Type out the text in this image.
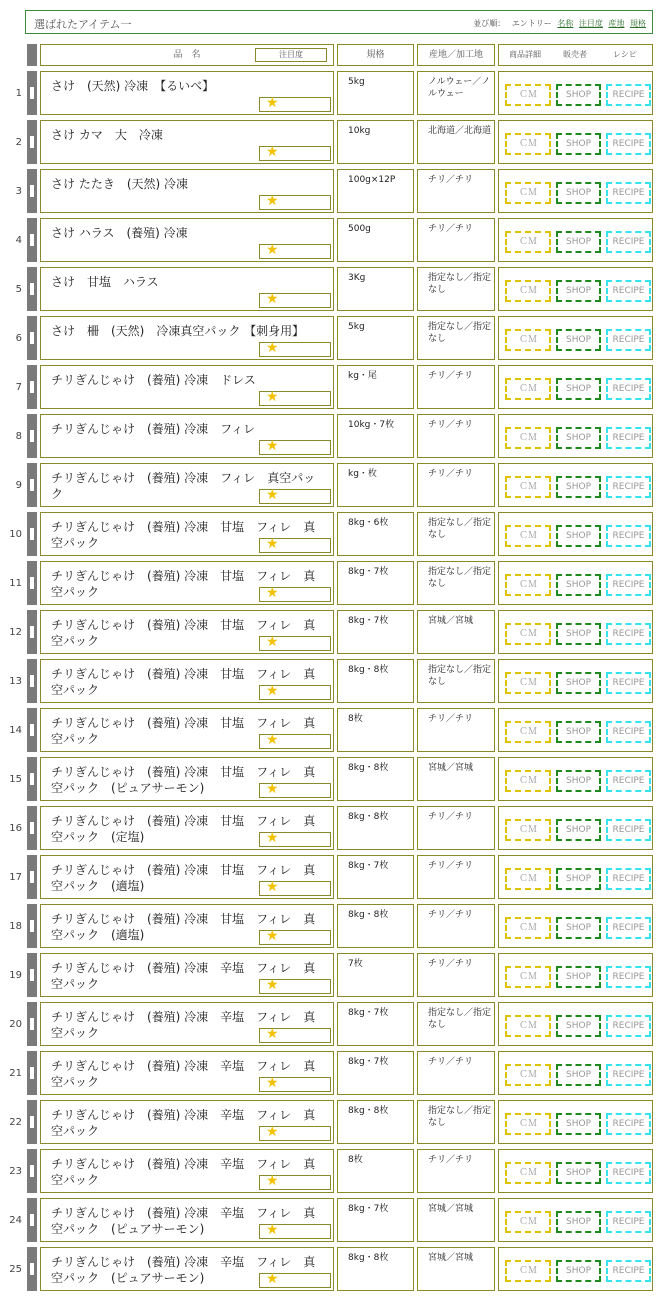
選ばれたアイテム一	並び順： エントリー 名称 注目度 産地 規格
品　名	注目度	規格	産地／加工地	商品詳細	販売者	レシピ
1
さけ　(天然) 冷凍　【るいべ】
★
5kg	ノルウェー／ノルウェー	ＣＭ	SHOP	RECIPE
2
さけ カマ　大　冷凍
★
10kg	北海道／北海道
ＣＭ	SHOP	RECIPE
3
さけ たたき　(天然) 冷凍
★
100g×12P	チリ／チリ
ＣＭ	SHOP	RECIPE
4
さけ ハラス　(養殖) 冷凍
★
500g	チリ／チリ
ＣＭ	SHOP	RECIPE
5
さけ　甘塩　ハラス
★
3Kg	指定なし／指定なし	ＣＭ	SHOP	RECIPE
6
さけ　柵　(天然)　冷凍真空パック 【刺身用】
★
5kg	指定なし／指定なし	ＣＭ	SHOP	RECIPE
7
チリぎんじゃけ　(養殖) 冷凍　ドレス
★
kg・尾	チリ／チリ
ＣＭ	SHOP	RECIPE
8
チリぎんじゃけ　(養殖) 冷凍　フィレ
★
10kg・7枚	チリ／チリ
ＣＭ	SHOP	RECIPE
9
チリぎんじゃけ　(養殖) 冷凍　フィレ　真空パック	★
kg・枚	チリ／チリ
ＣＭ	SHOP	RECIPE
10
チリぎんじゃけ　(養殖) 冷凍　甘塩　フィレ　真空パック	★
8kg・6枚	指定なし／指定なし	ＣＭ	SHOP	RECIPE
11
チリぎんじゃけ　(養殖) 冷凍　甘塩　フィレ　真空パック	★
8kg・7枚	指定なし／指定なし	ＣＭ	SHOP	RECIPE
12
チリぎんじゃけ　(養殖) 冷凍　甘塩　フィレ　真空パック	★
8kg・7枚	宮城／宮城
ＣＭ	SHOP	RECIPE
13
チリぎんじゃけ　(養殖) 冷凍　甘塩　フィレ　真空パック	★
8kg・8枚	指定なし／指定なし	ＣＭ	SHOP	RECIPE
14
チリぎんじゃけ　(養殖) 冷凍　甘塩　フィレ　真空パック	★
8枚	チリ／チリ
ＣＭ	SHOP	RECIPE
15
チリぎんじゃけ　(養殖) 冷凍　甘塩　フィレ　真空パック　(ピュアサーモン)	★
8kg・8枚	宮城／宮城
ＣＭ	SHOP	RECIPE
16
チリぎんじゃけ　(養殖) 冷凍　甘塩　フィレ　真空パック　(定塩)	★
8kg・8枚	チリ／チリ
ＣＭ	SHOP	RECIPE
17
チリぎんじゃけ　(養殖) 冷凍　甘塩　フィレ　真空パック　(適塩)	★
8kg・7枚	チリ／チリ
ＣＭ	SHOP	RECIPE
18
チリぎんじゃけ　(養殖) 冷凍　甘塩　フィレ　真空パック　(適塩)	★
8kg・8枚	チリ／チリ
ＣＭ	SHOP	RECIPE
19
チリぎんじゃけ　(養殖) 冷凍　辛塩　フィレ　真空パック	★
7枚	チリ／チリ
ＣＭ	SHOP	RECIPE
20
チリぎんじゃけ　(養殖) 冷凍　辛塩　フィレ　真空パック	★
8kg・7枚	指定なし／指定なし	ＣＭ	SHOP	RECIPE
21
チリぎんじゃけ　(養殖) 冷凍　辛塩　フィレ　真空パック	★
8kg・7枚	チリ／チリ
ＣＭ	SHOP	RECIPE
22
チリぎんじゃけ　(養殖) 冷凍　辛塩　フィレ　真空パック	★
8kg・8枚	指定なし／指定なし	ＣＭ	SHOP	RECIPE
23
チリぎんじゃけ　(養殖) 冷凍　辛塩　フィレ　真空パック	★
8枚	チリ／チリ
ＣＭ	SHOP	RECIPE
24
チリぎんじゃけ　(養殖) 冷凍　辛塩　フィレ　真空パック　(ピュアサーモン)	★
8kg・7枚	宮城／宮城
ＣＭ	SHOP	RECIPE
25
チリぎんじゃけ　(養殖) 冷凍　辛塩　フィレ　真空パック　(ピュアサーモン)	★
8kg・8枚	宮城／宮城
ＣＭ	SHOP	RECIPE
